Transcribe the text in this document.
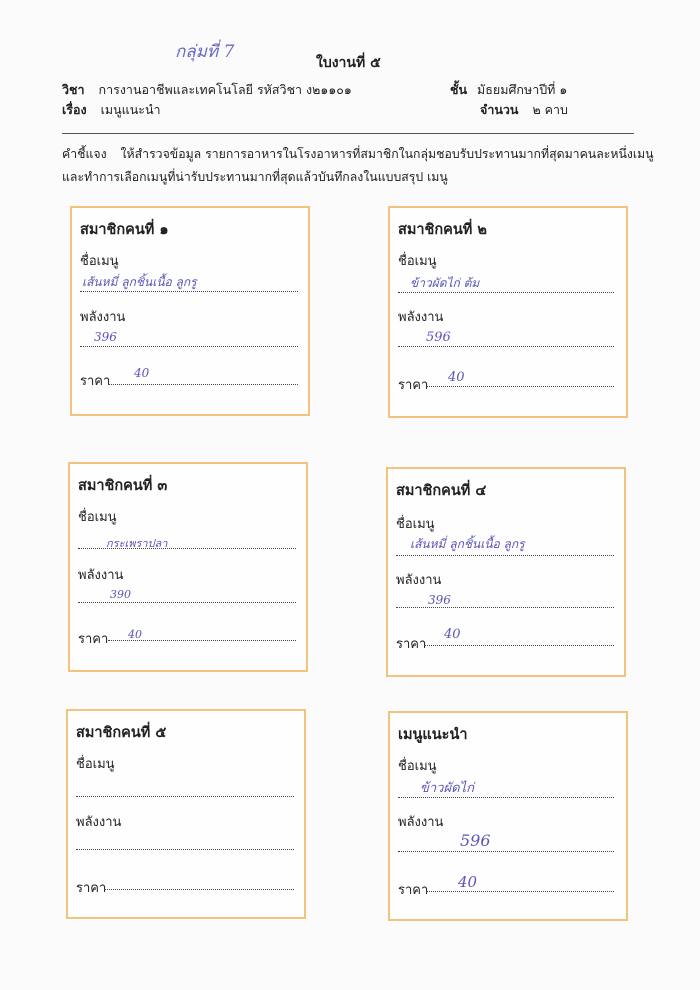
กลุ่มที่ 7
ใบงานที่ ๕
วิชา การงานอาชีพและเทคโนโลยี รหัสวิชา ง๒๑๑๐๑	ชั้น มัธยมศึกษาปีที่ ๑
เรื่อง เมนูแนะนำ	จำนวน ๒ คาบ
คำชี้แจง ให้สำรวจข้อมูล รายการอาหารในโรงอาหารที่สมาชิกในกลุ่มชอบรับประทานมากที่สุดมาคนละหนึ่งเมนู
และทำการเลือกเมนูที่น่ารับประทานมากที่สุดแล้วบันทึกลงในแบบสรุป เมนู
สมาชิกคนที่ ๑
ชื่อเมนู
เส้นหมี่ ลูกชิ้นเนื้อ ลูกรู
พลังงาน
396
ราคา
40
สมาชิกคนที่ ๒
ชื่อเมนู
ข้าวผัดไก่ ต้ม
พลังงาน
596
ราคา
40
สมาชิกคนที่ ๓
ชื่อเมนู
กระเพราปลา
พลังงาน
390
ราคา 40
สมาชิกคนที่ ๔
ชื่อเมนู
เส้นหมี่ ลูกชิ้นเนื้อ ลูกรู
พลังงาน
396
ราคา
40
สมาชิกคนที่ ๕
ชื่อเมนู
พลังงาน
ราคา
เมนูแนะนำ
ชื่อเมนู
ข้าวผัดไก่
พลังงาน
596
ราคา 40
